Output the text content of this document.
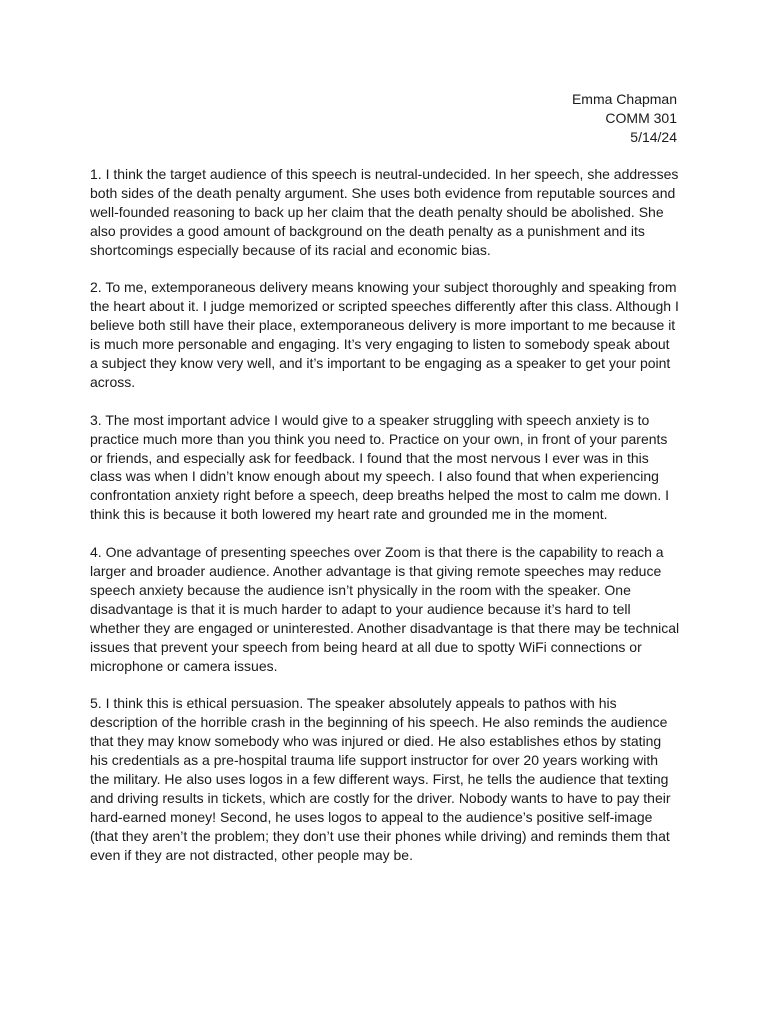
Emma Chapman
COMM 301
5/14/24

1. I think the target audience of this speech is neutral-undecided. In her speech, she addresses both sides of the death penalty argument. She uses both evidence from reputable sources and well-founded reasoning to back up her claim that the death penalty should be abolished. She also provides a good amount of background on the death penalty as a punishment and its shortcomings especially because of its racial and economic bias.

2. To me, extemporaneous delivery means knowing your subject thoroughly and speaking from the heart about it. I judge memorized or scripted speeches differently after this class. Although I believe both still have their place, extemporaneous delivery is more important to me because it is much more personable and engaging. It’s very engaging to listen to somebody speak about a subject they know very well, and it’s important to be engaging as a speaker to get your point across.

3. The most important advice I would give to a speaker struggling with speech anxiety is to practice much more than you think you need to. Practice on your own, in front of your parents or friends, and especially ask for feedback. I found that the most nervous I ever was in this class was when I didn’t know enough about my speech. I also found that when experiencing confrontation anxiety right before a speech, deep breaths helped the most to calm me down. I think this is because it both lowered my heart rate and grounded me in the moment.

4. One advantage of presenting speeches over Zoom is that there is the capability to reach a larger and broader audience. Another advantage is that giving remote speeches may reduce speech anxiety because the audience isn’t physically in the room with the speaker. One disadvantage is that it is much harder to adapt to your audience because it’s hard to tell whether they are engaged or uninterested. Another disadvantage is that there may be technical issues that prevent your speech from being heard at all due to spotty WiFi connections or microphone or camera issues.

5. I think this is ethical persuasion. The speaker absolutely appeals to pathos with his description of the horrible crash in the beginning of his speech. He also reminds the audience that they may know somebody who was injured or died. He also establishes ethos by stating his credentials as a pre-hospital trauma life support instructor for over 20 years working with the military. He also uses logos in a few different ways. First, he tells the audience that texting and driving results in tickets, which are costly for the driver. Nobody wants to have to pay their hard-earned money! Second, he uses logos to appeal to the audience’s positive self-image (that they aren’t the problem; they don’t use their phones while driving) and reminds them that even if they are not distracted, other people may be.
